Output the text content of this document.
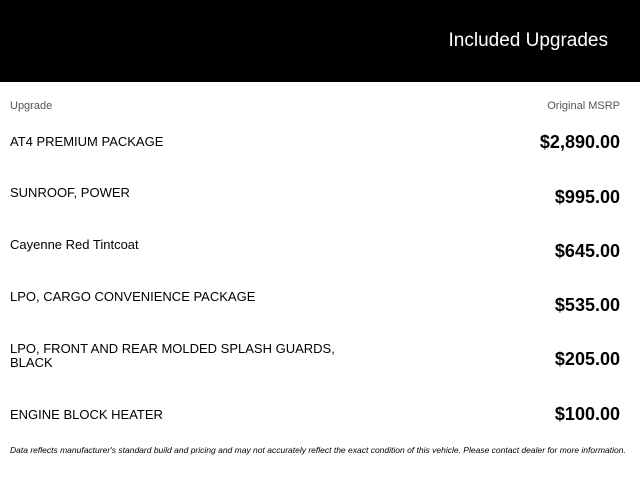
Included Upgrades
Upgrade	Original MSRP
AT4 PREMIUM PACKAGE	$2,890.00
SUNROOF, POWER	$995.00
Cayenne Red Tintcoat	$645.00
LPO, CARGO CONVENIENCE PACKAGE	$535.00
LPO, FRONT AND REAR MOLDED SPLASH GUARDS, BLACK	$205.00
ENGINE BLOCK HEATER	$100.00
Data reflects manufacturer's standard build and pricing and may not accurately reflect the exact condition of this vehicle. Please contact dealer for more information.
